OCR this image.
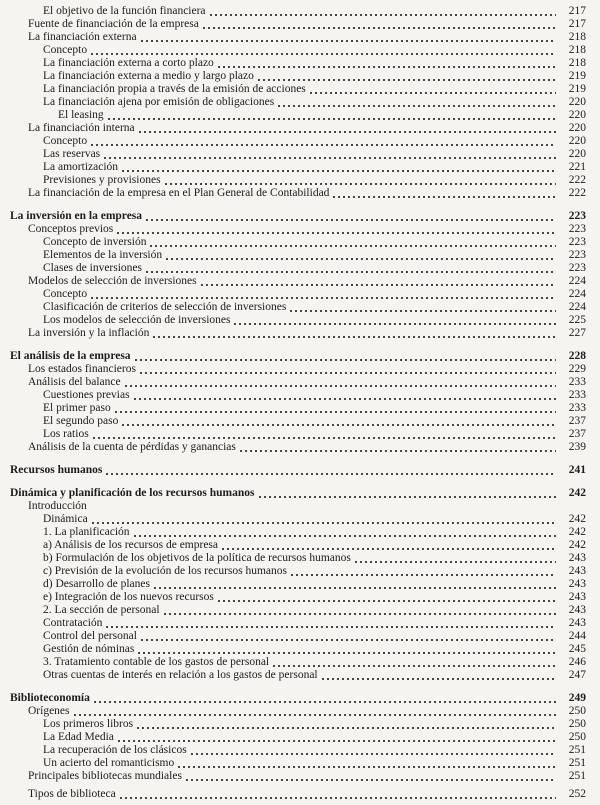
El objetivo de la función financiera	217
Fuente de financiación de la empresa	217
La financiación externa	218
Concepto	218
La financiación externa a corto plazo	218
La financiación externa a medio y largo plazo	219
La financiación propia a través de la emisión de acciones	219
La financiación ajena por emisión de obligaciones	220
El leasing	220
La financiación interna	220
Concepto	220
Las reservas	220
La amortización	221
Previsiones y provisiones	222
La financiación de la empresa en el Plan General de Contabilidad	222
La inversión en la empresa	223
Conceptos previos	223
Concepto de inversión	223
Elementos de la inversión	223
Clases de inversiones	223
Modelos de selección de inversiones	224
Concepto	224
Clasificación de criterios de selección de inversiones	224
Los modelos de selección de inversiones	225
La inversión y la inflación	227
El análisis de la empresa	228
Los estados financieros	229
Análisis del balance	233
Cuestiones previas	233
El primer paso	233
El segundo paso	237
Los ratios	237
Análisis de la cuenta de pérdidas y ganancias	239
Recursos humanos	241
Dinámica y planificación de los recursos humanos	242
Introducción
Dinámica	242
1. La planificación	242
a) Análisis de los recursos de empresa	242
b) Formulación de los objetivos de la política de recursos humanos	243
c) Previsión de la evolución de los recursos humanos	243
d) Desarrollo de planes	243
e) Integración de los nuevos recursos	243
2. La sección de personal	243
Contratación	243
Control del personal	244
Gestión de nóminas	245
3. Tratamiento contable de los gastos de personal	246
Otras cuentas de interés en relación a los gastos de personal	247
Biblioteconomía	249
Orígenes	250
Los primeros libros	250
La Edad Media	250
La recuperación de los clásicos	251
Un acierto del romanticismo	251
Principales bibliotecas mundiales	251
Tipos de biblioteca	252
